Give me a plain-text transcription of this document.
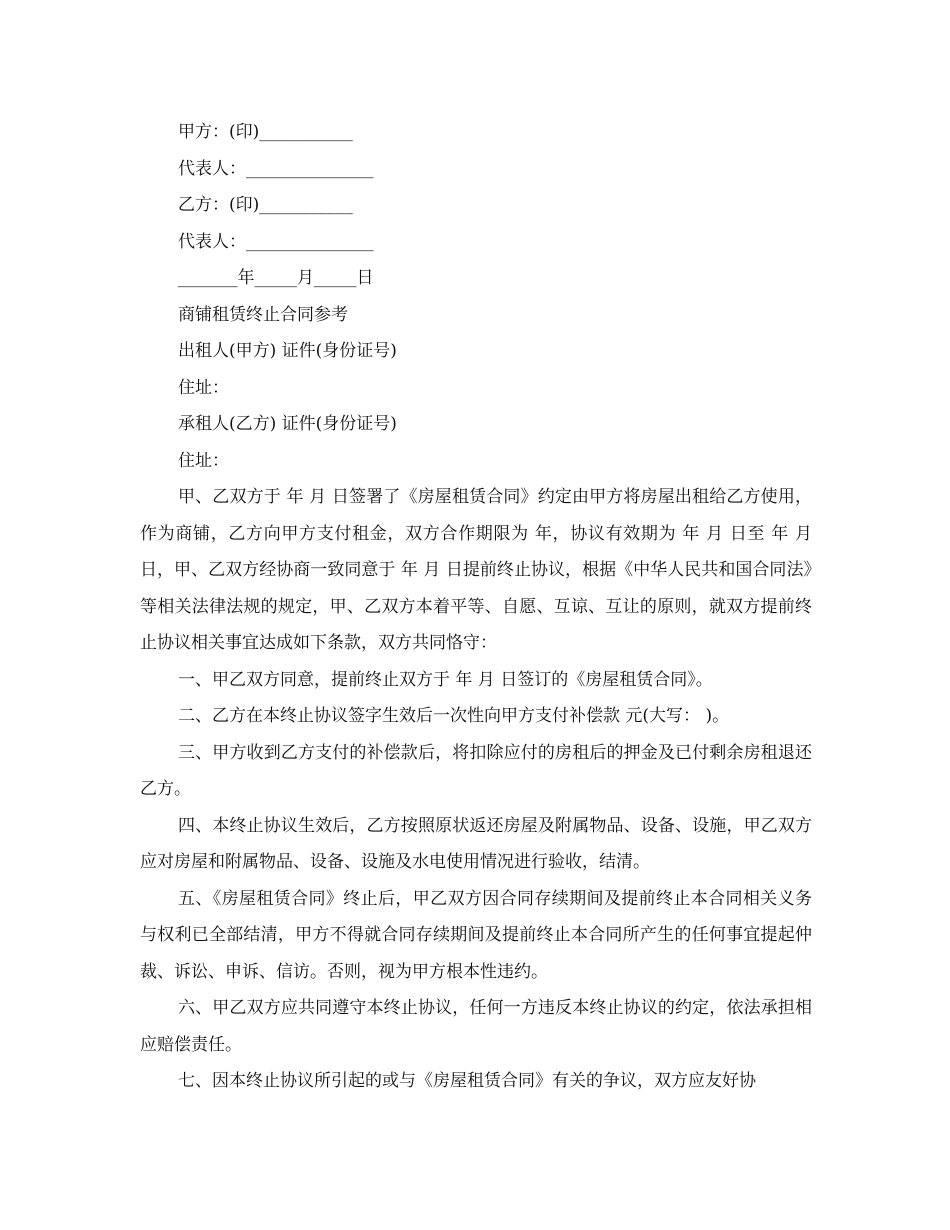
甲方：(印)___________
代表人：_______________
乙方：(印)___________
代表人：_______________
_______年_____月_____日
商铺租赁终止合同参考
出租人(甲方) 证件(身份证号)
住址：
承租人(乙方) 证件(身份证号)
住址：

甲、乙双方于 年 月 日签署了《房屋租赁合同》约定由甲方将房屋出租给乙方使用，作为商铺，乙方向甲方支付租金，双方合作期限为 年，协议有效期为 年 月 日至 年 月 日，甲、乙双方经协商一致同意于 年 月 日提前终止协议，根据《中华人民共和国合同法》等相关法律法规的规定，甲、乙双方本着平等、自愿、互谅、互让的原则，就双方提前终止协议相关事宜达成如下条款，双方共同恪守：

一、甲乙双方同意，提前终止双方于 年 月 日签订的《房屋租赁合同》。

二、乙方在本终止协议签字生效后一次性向甲方支付补偿款 元(大写： )。

三、甲方收到乙方支付的补偿款后，将扣除应付的房租后的押金及已付剩余房租退还乙方。

四、本终止协议生效后，乙方按照原状返还房屋及附属物品、设备、设施，甲乙双方应对房屋和附属物品、设备、设施及水电使用情况进行验收，结清。

五、《房屋租赁合同》终止后，甲乙双方因合同存续期间及提前终止本合同相关义务与权利已全部结清，甲方不得就合同存续期间及提前终止本合同所产生的任何事宜提起仲裁、诉讼、申诉、信访。否则，视为甲方根本性违约。

六、甲乙双方应共同遵守本终止协议，任何一方违反本终止协议的约定，依法承担相应赔偿责任。

七、因本终止协议所引起的或与《房屋租赁合同》有关的争议，双方应友好协
